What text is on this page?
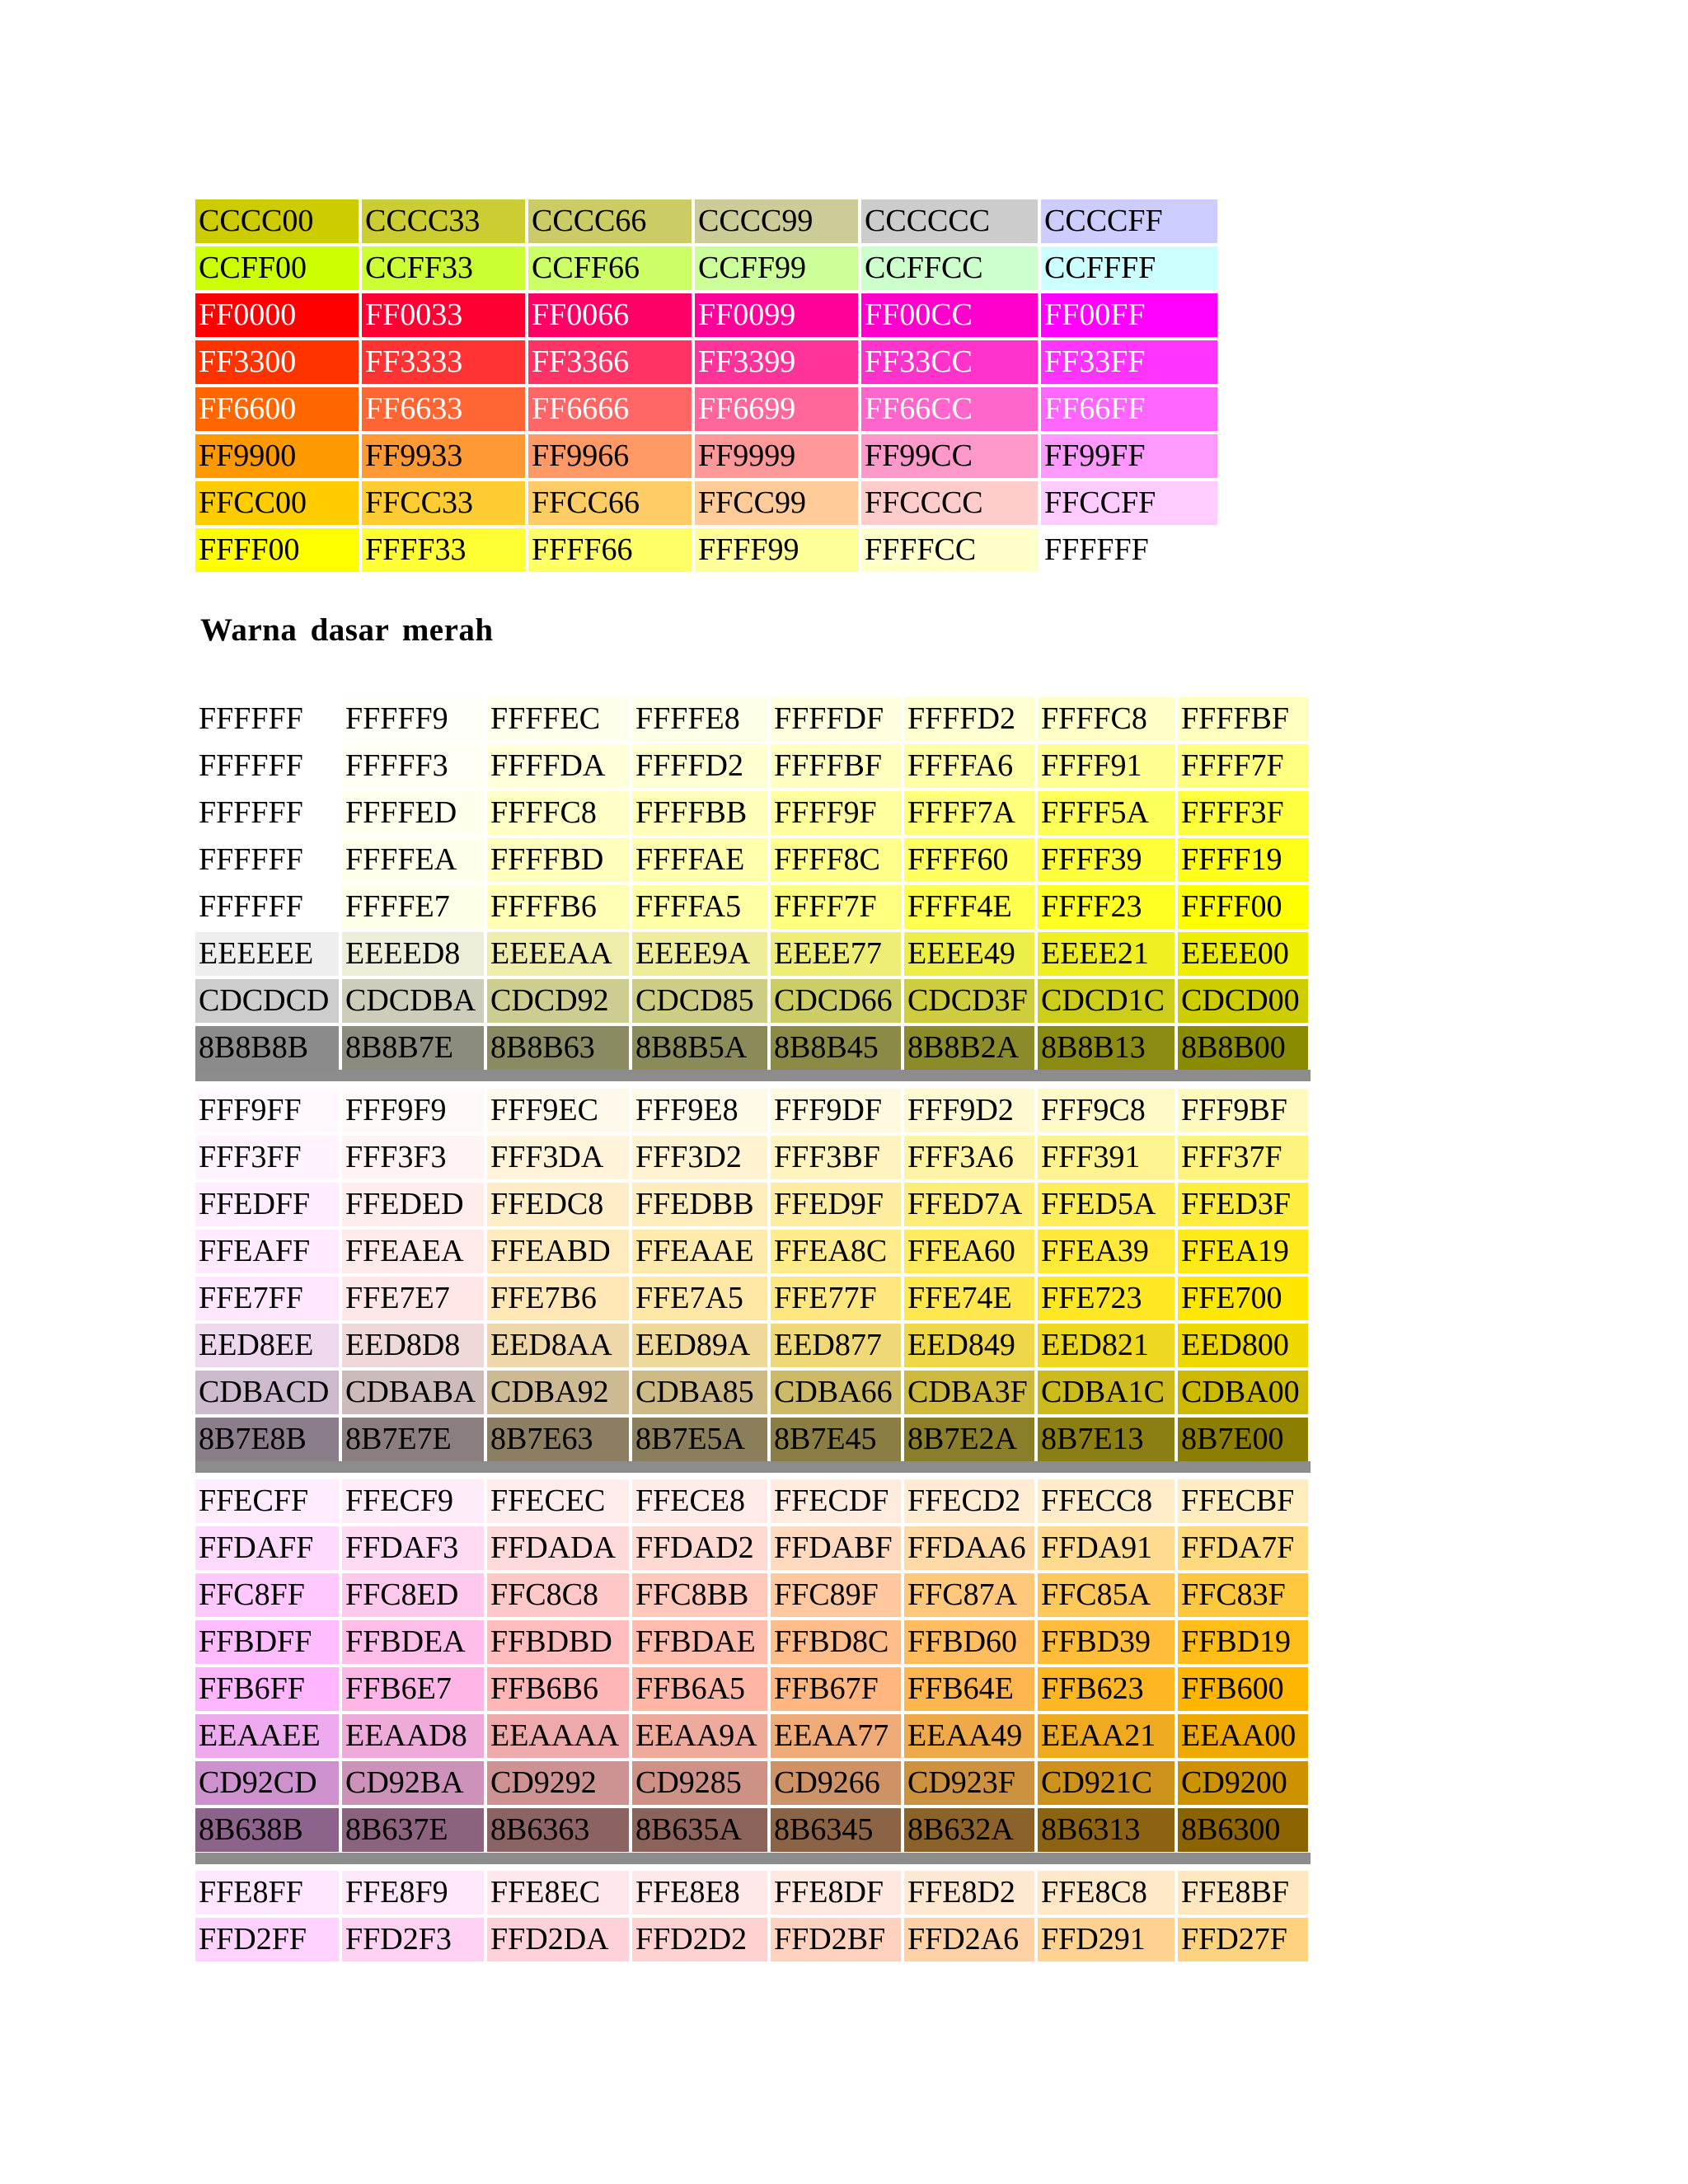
CCCC00	CCCC33	CCCC66	CCCC99	CCCCCC	CCCCFF
CCFF00	CCFF33	CCFF66	CCFF99	CCFFCC	CCFFFF
FF0000	FF0033	FF0066	FF0099	FF00CC	FF00FF
FF3300	FF3333	FF3366	FF3399	FF33CC	FF33FF
FF6600	FF6633	FF6666	FF6699	FF66CC	FF66FF
FF9900	FF9933	FF9966	FF9999	FF99CC	FF99FF
FFCC00	FFCC33	FFCC66	FFCC99	FFCCCC	FFCCFF
FFFF00	FFFF33	FFFF66	FFFF99	FFFFCC	FFFFFF
Warna dasar merah
FFFFFF	FFFFF9	FFFFEC	FFFFE8	FFFFDF	FFFFD2	FFFFC8	FFFFBF
FFFFFF	FFFFF3	FFFFDA	FFFFD2	FFFFBF	FFFFA6	FFFF91	FFFF7F
FFFFFF	FFFFED	FFFFC8	FFFFBB	FFFF9F	FFFF7A	FFFF5A	FFFF3F
FFFFFF	FFFFEA	FFFFBD	FFFFAE	FFFF8C	FFFF60	FFFF39	FFFF19
FFFFFF	FFFFE7	FFFFB6	FFFFA5	FFFF7F	FFFF4E	FFFF23	FFFF00
EEEEEE	EEEED8	EEEEAA	EEEE9A	EEEE77	EEEE49	EEEE21	EEEE00
CDCDCD	CDCDBA	CDCD92	CDCD85	CDCD66	CDCD3F	CDCD1C	CDCD00
8B8B8B	8B8B7E	8B8B63	8B8B5A	8B8B45	8B8B2A	8B8B13	8B8B00
FFF9FF	FFF9F9	FFF9EC	FFF9E8	FFF9DF	FFF9D2	FFF9C8	FFF9BF
FFF3FF	FFF3F3	FFF3DA	FFF3D2	FFF3BF	FFF3A6	FFF391	FFF37F
FFEDFF	FFEDED	FFEDC8	FFEDBB	FFED9F	FFED7A	FFED5A	FFED3F
FFEAFF	FFEAEA	FFEABD	FFEAAE	FFEA8C	FFEA60	FFEA39	FFEA19
FFE7FF	FFE7E7	FFE7B6	FFE7A5	FFE77F	FFE74E	FFE723	FFE700
EED8EE	EED8D8	EED8AA	EED89A	EED877	EED849	EED821	EED800
CDBACD	CDBABA	CDBA92	CDBA85	CDBA66	CDBA3F	CDBA1C	CDBA00
8B7E8B	8B7E7E	8B7E63	8B7E5A	8B7E45	8B7E2A	8B7E13	8B7E00
FFECFF	FFECF9	FFECEC	FFECE8	FFECDF	FFECD2	FFECC8	FFECBF
FFDAFF	FFDAF3	FFDADA	FFDAD2	FFDABF	FFDAA6	FFDA91	FFDA7F
FFC8FF	FFC8ED	FFC8C8	FFC8BB	FFC89F	FFC87A	FFC85A	FFC83F
FFBDFF	FFBDEA	FFBDBD	FFBDAE	FFBD8C	FFBD60	FFBD39	FFBD19
FFB6FF	FFB6E7	FFB6B6	FFB6A5	FFB67F	FFB64E	FFB623	FFB600
EEAAEE	EEAAD8	EEAAAA	EEAA9A	EEAA77	EEAA49	EEAA21	EEAA00
CD92CD	CD92BA	CD9292	CD9285	CD9266	CD923F	CD921C	CD9200
8B638B	8B637E	8B6363	8B635A	8B6345	8B632A	8B6313	8B6300
FFE8FF	FFE8F9	FFE8EC	FFE8E8	FFE8DF	FFE8D2	FFE8C8	FFE8BF
FFD2FF	FFD2F3	FFD2DA	FFD2D2	FFD2BF	FFD2A6	FFD291	FFD27F
